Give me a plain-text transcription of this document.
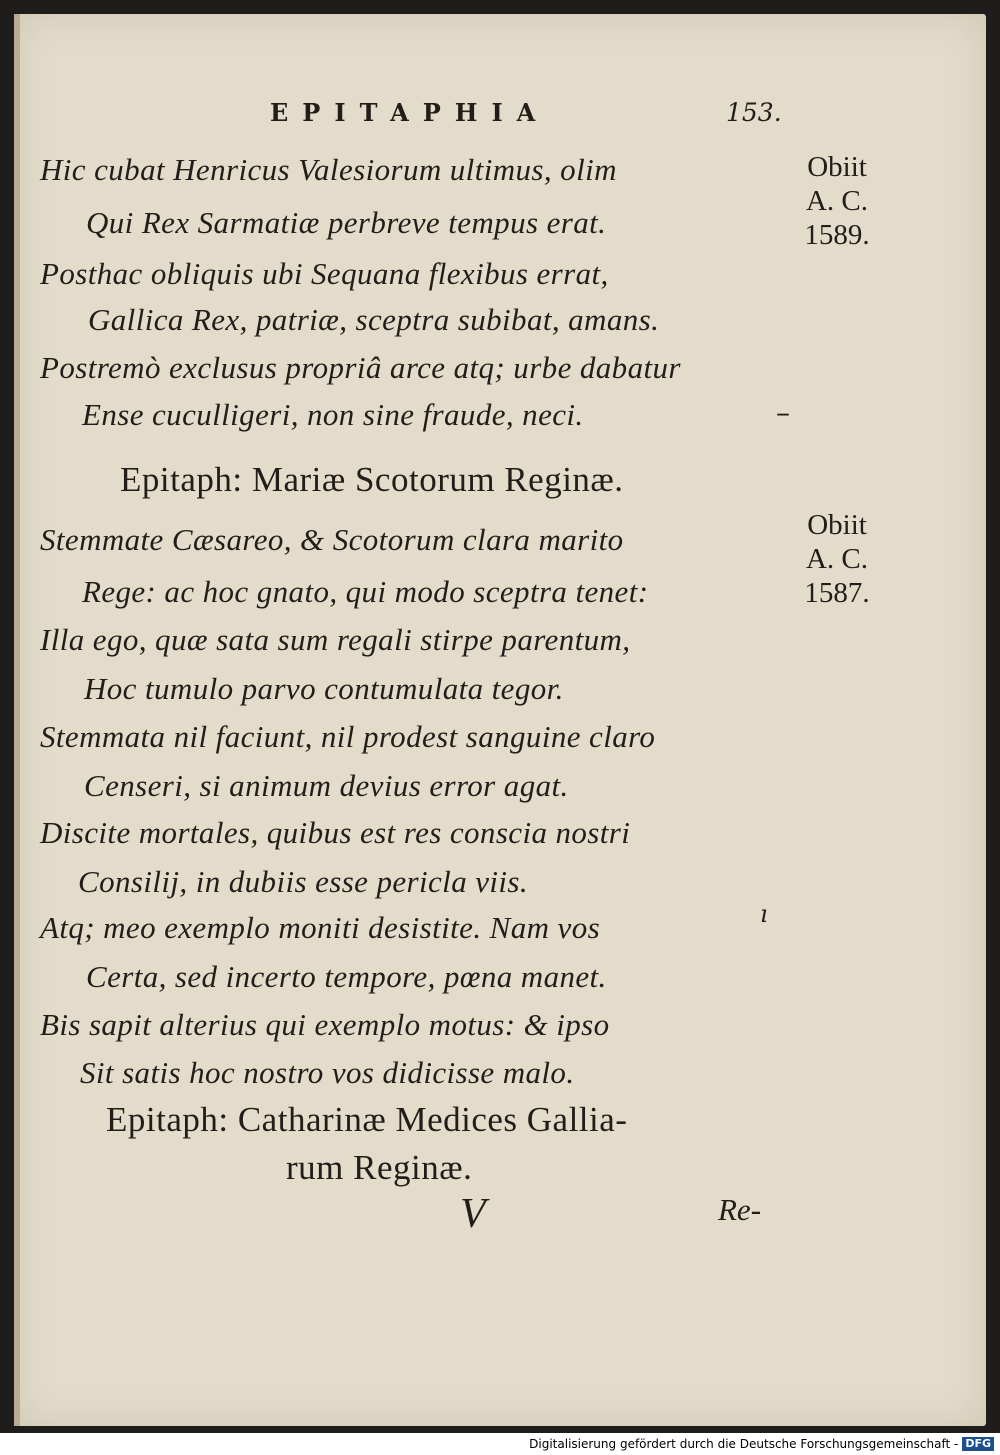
EPITAPHIA	153.
Hic cubat Henricus Valesiorum ultimus, olim
Qui Rex Sarmatiæ perbreve tempus erat.
Posthac obliquis ubi Sequana flexibus errat,
Gallica Rex, patriæ, sceptra subibat, amans.
Postremò exclusus propriâ arce atq; urbe dabatur
Ense cuculligeri, non sine fraude, neci.
Obiit
A. C.
1589.
–
Epitaph: Mariæ Scotorum Reginæ.
Obiit
A. C.
1587.
Stemmate Cæsareo, & Scotorum clara marito
Rege: ac hoc gnato, qui modo sceptra tenet:
Illa ego, quæ sata sum regali stirpe parentum,
Hoc tumulo parvo contumulata tegor.
Stemmata nil faciunt, nil prodest sanguine claro
Censeri, si animum devius error agat.
Discite mortales, quibus est res conscia nostri
Consilij, in dubiis esse pericla viis.
Atq; meo exemplo moniti desistite. Nam vos
Certa, sed incerto tempore, pœna manet.
Bis sapit alterius qui exemplo motus: & ipso
Sit satis hoc nostro vos didicisse malo.
ı
Epitaph: Catharinæ Medices Gallia-
rum Reginæ.
V	Re-
Digitalisierung gefördert durch die Deutsche Forschungsgemeinschaft - DFG
